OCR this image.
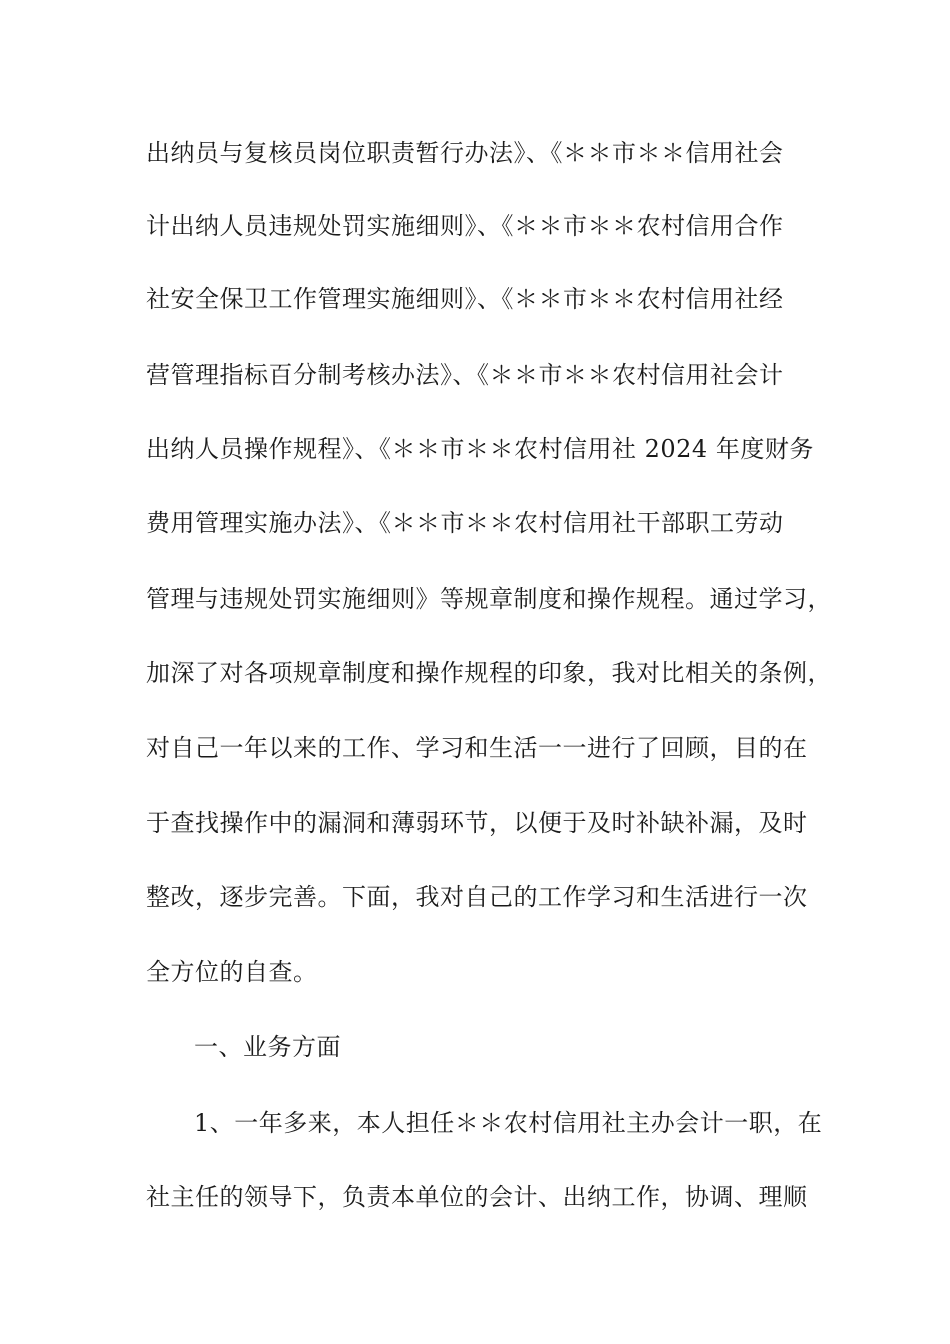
出纳员与复核员岗位职责暂行办法》、《＊＊市＊＊信用社会
计出纳人员违规处罚实施细则》、《＊＊市＊＊农村信用合作
社安全保卫工作管理实施细则》、《＊＊市＊＊农村信用社经
营管理指标百分制考核办法》、《＊＊市＊＊农村信用社会计
出纳人员操作规程》、《＊＊市＊＊农村信用社 2024 年度财务
费用管理实施办法》、《＊＊市＊＊农村信用社干部职工劳动
管理与违规处罚实施细则》等规章制度和操作规程。通过学习，
加深了对各项规章制度和操作规程的印象，我对比相关的条例，
对自己一年以来的工作、学习和生活一一进行了回顾，目的在
于查找操作中的漏洞和薄弱环节，以便于及时补缺补漏，及时
整改，逐步完善。下面，我对自己的工作学习和生活进行一次
全方位的自查。
一、业务方面
1、一年多来，本人担任＊＊农村信用社主办会计一职，在
社主任的领导下，负责本单位的会计、出纳工作，协调、理顺
